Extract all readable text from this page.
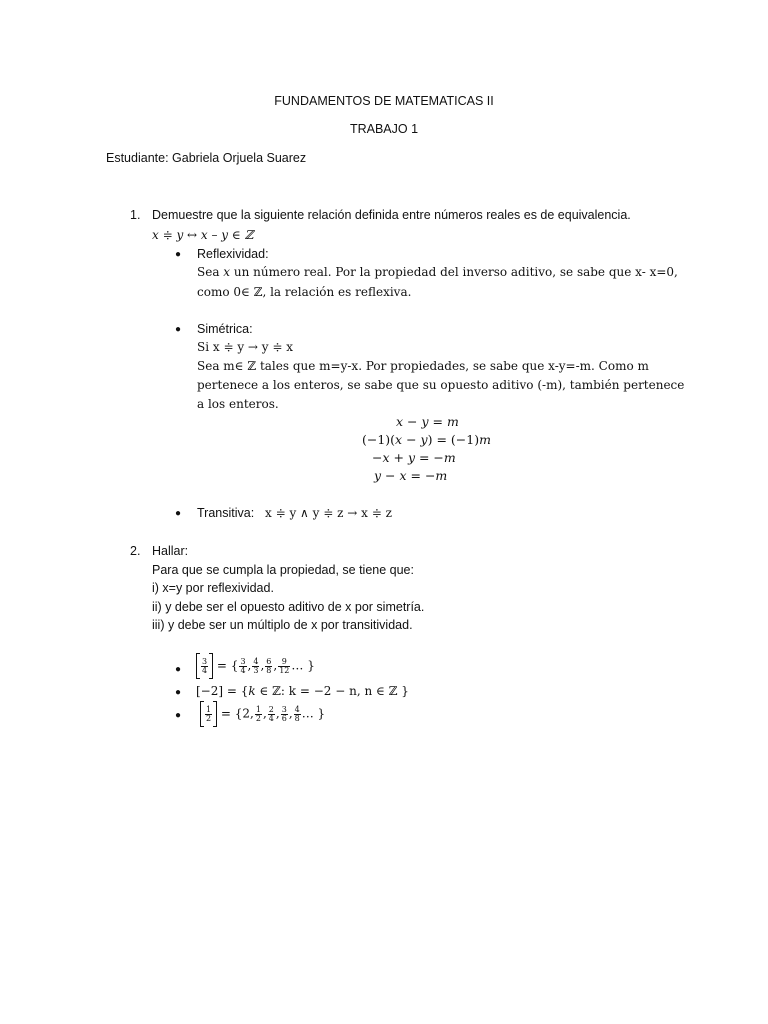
FUNDAMENTOS DE MATEMATICAS II
TRABAJO 1
Estudiante: Gabriela Orjuela Suarez
1. Demuestre que la siguiente relación definida entre números reales es de equivalencia.
x ≑ y ↔ x – y ∈ ℤ
● Reflexividad:
Sea 𝑥 un número real. Por la propiedad del inverso aditivo, se sabe que x- x=0,
como 0∈ ℤ, la relación es reflexiva.
● Simétrica:
Si x ≑ y → y ≑ x
Sea m∈ ℤ tales que m=y-x. Por propiedades, se sabe que x-y=-m. Como m
pertenece a los enteros, se sabe que su opuesto aditivo (-m), también pertenece
a los enteros.
𝑥 − 𝑦 = 𝑚
(−1)(𝑥 − 𝑦) = (−1)𝑚
−𝑥 + 𝑦 = −𝑚
𝑦 − 𝑥 = −𝑚
● Transitiva: x ≑ y ∧ y ≑ z → x ≑ z
2. Hallar:
Para que se cumpla la propiedad, se tiene que:
i) x=y por reflexividad.
ii) y debe ser el opuesto aditivo de x por simetría.
iii) y debe ser un múltiplo de x por transitividad.
● $\frac{3}{4}$ = { $\frac{3}{4}$ , $\frac{4}{3}$ , $\frac{6}{8}$ , $\frac{9}{12}$ … }
● [−2] = {𝑘 ∈ ℤ: k = −2 − n, n ∈ ℤ }
●	$\frac{1}{2} = \{2$, $\frac{1}{2}$ , $\frac{2}{4}$ , $\frac{3}{6}$ , $\frac{4}{8}$ … }
